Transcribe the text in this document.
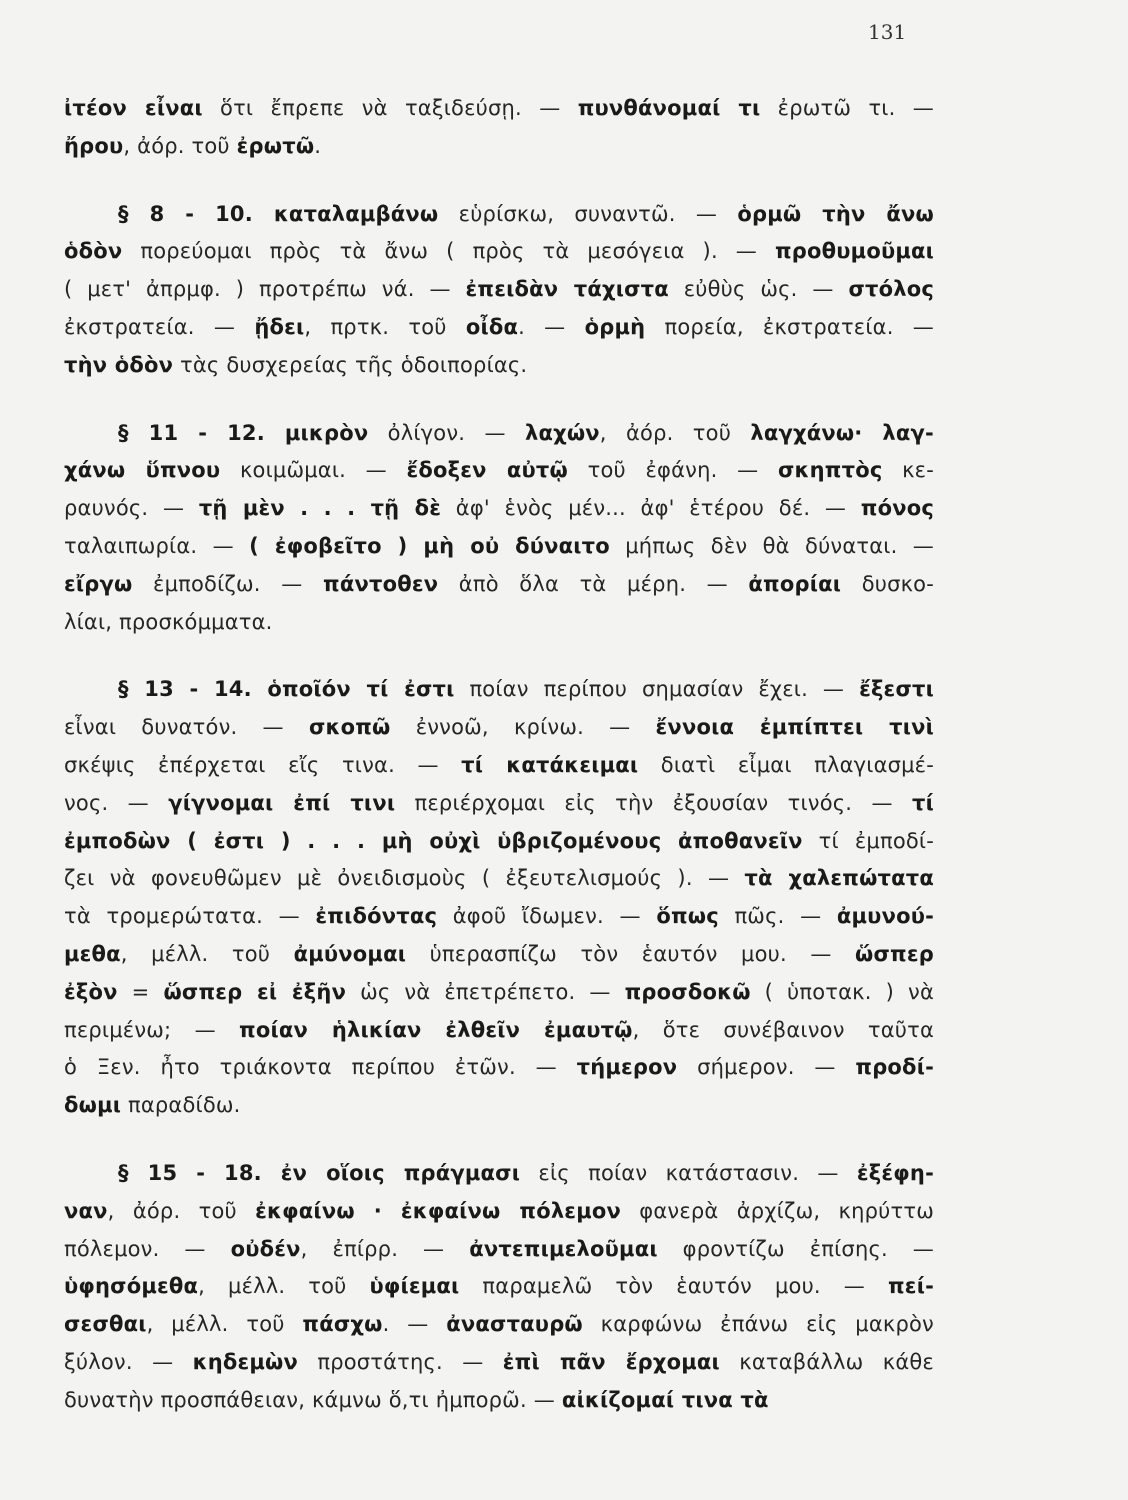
131
ἰτέον εἶναι ὅτι ἔπρεπε νὰ ταξιδεύσῃ. — πυνθάνομαί τι ἐρωτῶ τι. —
ἤρου, ἀόρ. τοῦ ἐρωτῶ.
§ 8 - 10. καταλαμβάνω εὑρίσκω, συναντῶ. — ὁρμῶ τὴν ἄνω
ὁδὸν πορεύομαι πρὸς τὰ ἄνω ( πρὸς τὰ μεσόγεια ). — προθυμοῦμαι
( μετ' ἀπρμφ. ) προτρέπω νά. — ἐπειδὰν τάχιστα εὐθὺς ὡς. — στόλος
ἐκστρατεία. — ᾔδει, πρτκ. τοῦ οἶδα. — ὁρμὴ πορεία, ἐκστρατεία. —
τὴν ὁδὸν τὰς δυσχερείας τῆς ὁδοιπορίας.
§ 11 - 12. μικρὸν ὀλίγον. — λαχών, ἀόρ. τοῦ λαγχάνω· λαγ-
χάνω ὕπνου κοιμῶμαι. — ἔδοξεν αὐτῷ τοῦ ἐφάνη. — σκηπτὸς κε-
ραυνός. — τῇ μὲν . . . τῇ δὲ ἀφ' ἑνὸς μέν... ἀφ' ἑτέρου δέ. — πόνος
ταλαιπωρία. — ( ἐφοβεῖτο ) μὴ οὐ δύναιτο μήπως δὲν θὰ δύναται. —
εἴργω ἐμποδίζω. — πάντοθεν ἀπὸ ὅλα τὰ μέρη. — ἀπορίαι δυσκο-
λίαι, προσκόμματα.
§ 13 - 14. ὁποῖόν τί ἐστι ποίαν περίπου σημασίαν ἔχει. — ἔξεστι
εἶναι δυνατόν. — σκοπῶ ἐννοῶ, κρίνω. — ἔννοια ἐμπίπτει τινὶ
σκέψις ἐπέρχεται εἴς τινα. — τί κατάκειμαι διατὶ εἶμαι πλαγιασμέ-
νος. — γίγνομαι ἐπί τινι περιέρχομαι εἰς τὴν ἐξουσίαν τινός. — τί
ἐμποδὼν ( ἐστι ) . . . μὴ οὐχὶ ὑβριζομένους ἀποθανεῖν τί ἐμποδί-
ζει νὰ φονευθῶμεν μὲ ὀνειδισμοὺς ( ἐξευτελισμούς ). — τὰ χαλεπώτατα
τὰ τρομερώτατα. — ἐπιδόντας ἀφοῦ ἴδωμεν. — ὅπως πῶς. — ἀμυνού-
μεθα, μέλλ. τοῦ ἀμύνομαι ὑπερασπίζω τὸν ἑαυτόν μου. — ὥσπερ
ἐξὸν = ὥσπερ εἰ ἐξῆν ὡς νὰ ἐπετρέπετο. — προσδοκῶ ( ὑποτακ. ) νὰ
περιμένω; — ποίαν ἡλικίαν ἐλθεῖν ἐμαυτῷ, ὅτε συνέβαινον ταῦτα
ὁ Ξεν. ἦτο τριάκοντα περίπου ἐτῶν. — τήμερον σήμερον. — προδί-
δωμι παραδίδω.
§ 15 - 18. ἐν οἵοις πράγμασι εἰς ποίαν κατάστασιν. — ἐξέφη-
ναν, ἀόρ. τοῦ ἐκφαίνω · ἐκφαίνω πόλεμον φανερὰ ἀρχίζω, κηρύττω
πόλεμον. — οὐδέν, ἐπίρρ. — ἀντεπιμελοῦμαι φροντίζω ἐπίσης. —
ὑφησόμεθα, μέλλ. τοῦ ὑφίεμαι παραμελῶ τὸν ἑαυτόν μου. — πεί-
σεσθαι, μέλλ. τοῦ πάσχω. — ἀνασταυρῶ καρφώνω ἐπάνω εἰς μακρὸν
ξύλον. — κηδεμὼν προστάτης. — ἐπὶ πᾶν ἔρχομαι καταβάλλω κάθε
δυνατὴν προσπάθειαν, κάμνω ὅ,τι ἠμπορῶ. — αἰκίζομαί τινα τὰ
